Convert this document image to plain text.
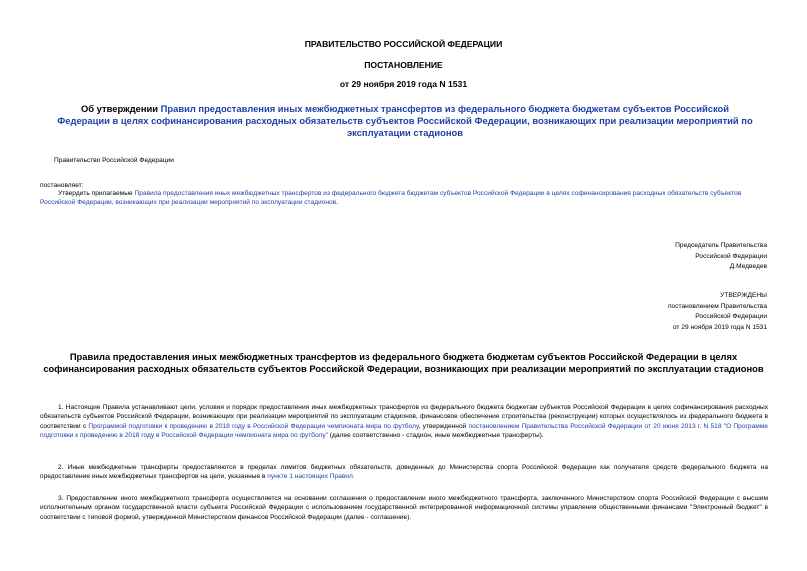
ПРАВИТЕЛЬСТВО РОССИЙСКОЙ ФЕДЕРАЦИИ
ПОСТАНОВЛЕНИЕ
от 29 ноября 2019 года N 1531
Об утверждении Правил предоставления иных межбюджетных трансфертов из федерального бюджета бюджетам субъектов Российской Федерации в целях софинансирования расходных обязательств субъектов Российской Федерации, возникающих при реализации мероприятий по эксплуатации стадионов
Правительство Российской Федерации
постановляет:
Утвердить прилагаемые Правила предоставления иных межбюджетных трансфертов из федерального бюджета бюджетам субъектов Российской Федерации в целях софинансирования расходных обязательств субъектов Российской Федерации, возникающих при реализации мероприятий по эксплуатации стадионов.
Председатель Правительства
Российской Федерации
Д.Медведев
УТВЕРЖДЕНЫ
постановлением Правительства
Российской Федерации
от 29 ноября 2019 года N 1531
Правила предоставления иных межбюджетных трансфертов из федерального бюджета бюджетам субъектов Российской Федерации в целях софинансирования расходных обязательств субъектов Российской Федерации, возникающих при реализации мероприятий по эксплуатации стадионов
1. Настоящие Правила устанавливают цели, условия и порядок предоставления иных межбюджетных трансфертов из федерального бюджета бюджетам субъектов Российской Федерации в целях софинансирования расходных обязательств субъектов Российской Федерации, возникающих при реализации мероприятий по эксплуатации стадионов, финансовое обеспечение строительства (реконструкции) которых осуществлялось из федерального бюджета в соответствии с Программой подготовки к проведению в 2018 году в Российской Федерации чемпионата мира по футболу, утвержденной постановлением Правительства Российской Федерации от 20 июня 2013 г. N 518 "О Программе подготовки к проведению в 2018 году в Российской Федерации чемпионата мира по футболу" (далее соответственно - стадион, иные межбюджетные трансферты).
2. Иные межбюджетные трансферты предоставляются в пределах лимитов бюджетных обязательств, доведенных до Министерства спорта Российской Федерации как получателя средств федерального бюджета на предоставление иных межбюджетных трансфертов на цели, указанные в пункте 1 настоящих Правил.
3. Предоставление иного межбюджетного трансферта осуществляется на основании соглашения о предоставлении иного межбюджетного трансферта, заключенного Министерством спорта Российской Федерации с высшим исполнительным органом государственной власти субъекта Российской Федерации с использованием государственной интегрированной информационной системы управления общественными финансами "Электронный бюджет" в соответствии с типовой формой, утвержденной Министерством финансов Российской Федерации (далее - соглашение).
